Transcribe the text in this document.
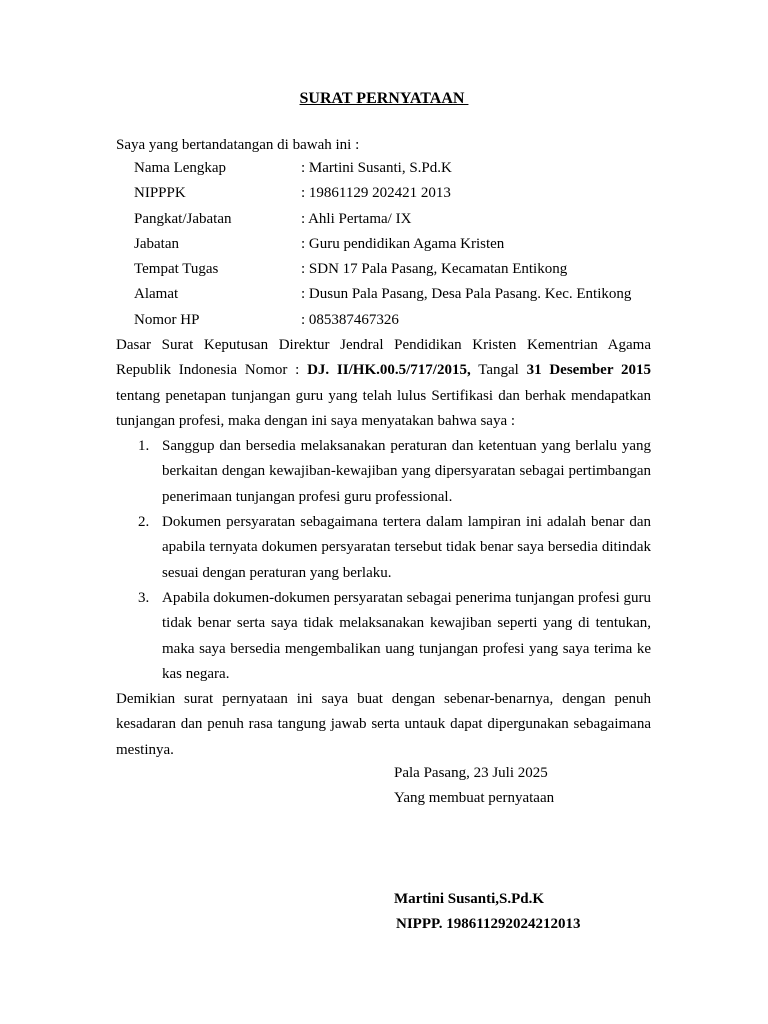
SURAT PERNYATAAN
Saya yang bertandatangan di bawah ini :
Nama Lengkap	: Martini Susanti, S.Pd.K
NIPPPK	: 19861129 202421 2013
Pangkat/Jabatan	: Ahli Pertama/ IX
Jabatan	: Guru pendidikan Agama Kristen
Tempat Tugas	: SDN 17 Pala Pasang, Kecamatan Entikong
Alamat	: Dusun Pala Pasang, Desa Pala Pasang. Kec. Entikong
Nomor HP	: 085387467326

Dasar Surat Keputusan Direktur Jendral Pendidikan Kristen Kementrian Agama Republik Indonesia Nomor : DJ. II/HK.00.5/717/2015, Tangal 31 Desember 2015 tentang penetapan tunjangan guru yang telah lulus Sertifikasi dan berhak mendapatkan tunjangan profesi, maka dengan ini saya menyatakan bahwa saya :

1. Sanggup dan bersedia melaksanakan peraturan dan ketentuan yang berlalu yang berkaitan dengan kewajiban-kewajiban yang dipersyaratan sebagai pertimbangan penerimaan tunjangan profesi guru professional.
2. Dokumen persyaratan sebagaimana tertera dalam lampiran ini adalah benar dan apabila ternyata dokumen persyaratan tersebut tidak benar saya bersedia ditindak sesuai dengan peraturan yang berlaku.
3. Apabila dokumen-dokumen persyaratan sebagai penerima tunjangan profesi guru tidak benar serta saya tidak melaksanakan kewajiban seperti yang di tentukan, maka saya bersedia mengembalikan uang tunjangan profesi yang saya terima ke kas negara.

Demikian surat pernyataan ini saya buat dengan sebenar-benarnya, dengan penuh kesadaran dan penuh rasa tangung jawab serta untauk dapat dipergunakan sebagaimana mestinya.

Pala Pasang, 23 Juli 2025
Yang membuat pernyataan
Martini Susanti,S.Pd.K
NIPPP. 198611292024212013
